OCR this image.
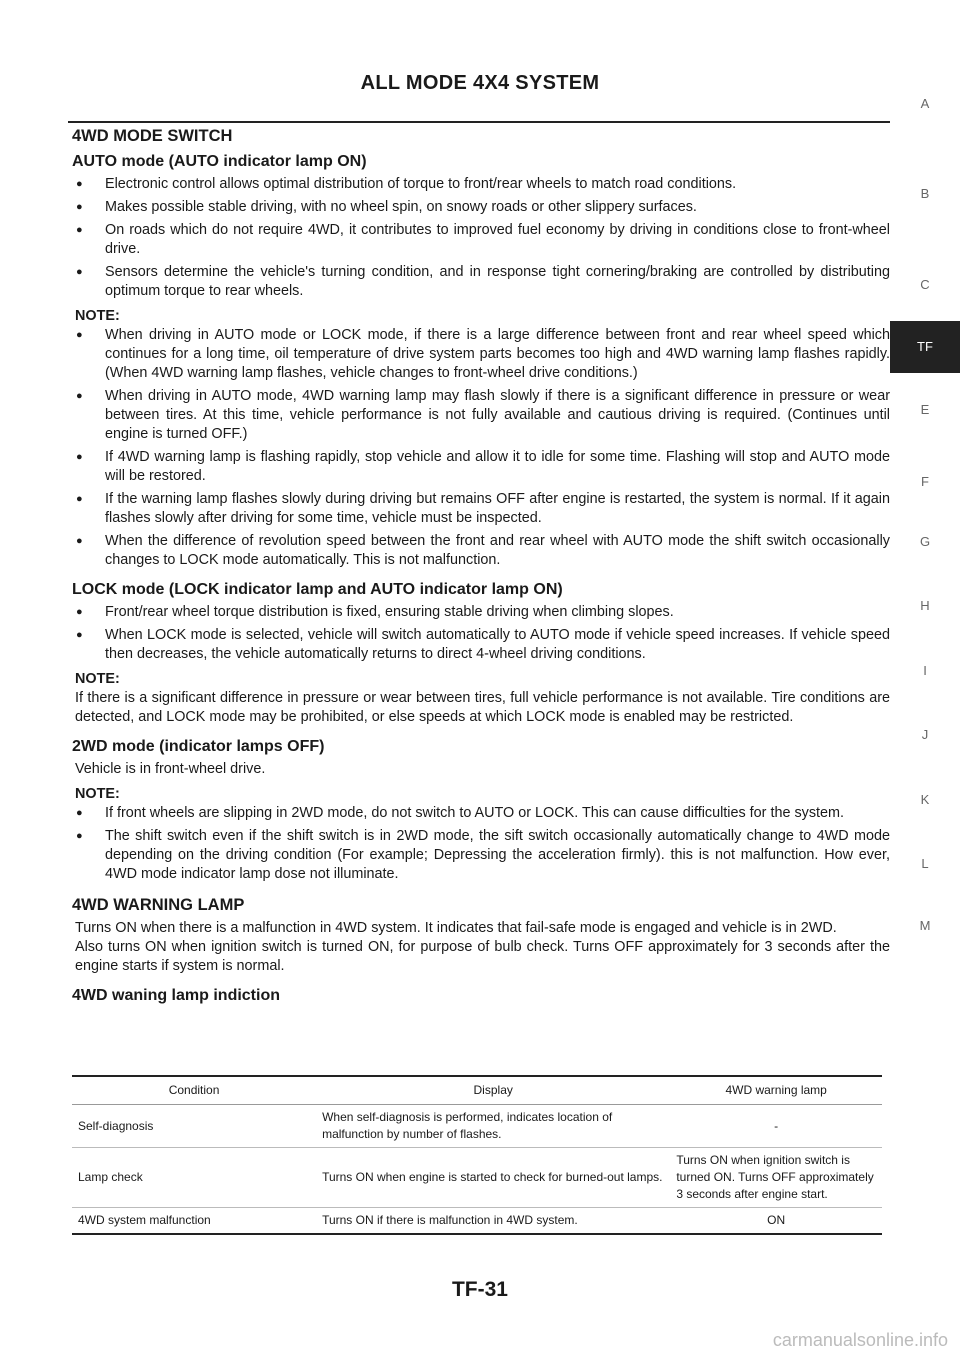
ALL MODE 4X4 SYSTEM
A
B
C
TF
E
F
G
H
I
J
K
L
M
4WD MODE SWITCH
AUTO mode (AUTO indicator lamp ON)
● Electronic control allows optimal distribution of torque to front/rear wheels to match road conditions.
● Makes possible stable driving, with no wheel spin, on snowy roads or other slippery surfaces.
● On roads which do not require 4WD, it contributes to improved fuel economy by driving in conditions close to front-wheel drive.
● Sensors determine the vehicle's turning condition, and in response tight cornering/braking are controlled by distributing optimum torque to rear wheels.
NOTE:
● When driving in AUTO mode or LOCK mode, if there is a large difference between front and rear wheel speed which continues for a long time, oil temperature of drive system parts becomes too high and 4WD warning lamp flashes rapidly. (When 4WD warning lamp flashes, vehicle changes to front-wheel drive conditions.)
● When driving in AUTO mode, 4WD warning lamp may flash slowly if there is a significant difference in pressure or wear between tires. At this time, vehicle performance is not fully available and cautious driving is required. (Continues until engine is turned OFF.)
● If 4WD warning lamp is flashing rapidly, stop vehicle and allow it to idle for some time. Flashing will stop and AUTO mode will be restored.
● If the warning lamp flashes slowly during driving but remains OFF after engine is restarted, the system is normal. If it again flashes slowly after driving for some time, vehicle must be inspected.
● When the difference of revolution speed between the front and rear wheel with AUTO mode the shift switch occasionally changes to LOCK mode automatically. This is not malfunction.
LOCK mode (LOCK indicator lamp and AUTO indicator lamp ON)
● Front/rear wheel torque distribution is fixed, ensuring stable driving when climbing slopes.
● When LOCK mode is selected, vehicle will switch automatically to AUTO mode if vehicle speed increases. If vehicle speed then decreases, the vehicle automatically returns to direct 4-wheel driving conditions.
NOTE:
If there is a significant difference in pressure or wear between tires, full vehicle performance is not available. Tire conditions are detected, and LOCK mode may be prohibited, or else speeds at which LOCK mode is enabled may be restricted.
2WD mode (indicator lamps OFF)
Vehicle is in front-wheel drive.
NOTE:
● If front wheels are slipping in 2WD mode, do not switch to AUTO or LOCK. This can cause difficulties for the system.
● The shift switch even if the shift switch is in 2WD mode, the sift switch occasionally automatically change to 4WD mode depending on the driving condition (For example; Depressing the acceleration firmly). this is not malfunction. How ever, 4WD mode indicator lamp dose not illuminate.
4WD WARNING LAMP
Turns ON when there is a malfunction in 4WD system. It indicates that fail-safe mode is engaged and vehicle is in 2WD.
Also turns ON when ignition switch is turned ON, for purpose of bulb check. Turns OFF approximately for 3 seconds after the engine starts if system is normal.
4WD waning lamp indiction
Condition	Display	4WD warning lamp
Self-diagnosis	When self-diagnosis is performed, indicates location of malfunction by number of flashes.	-
Lamp check	Turns ON when engine is started to check for burned-out lamps.	Turns ON when ignition switch is turned ON. Turns OFF approximately 3 seconds after engine start.
4WD system malfunction	Turns ON if there is malfunction in 4WD system.	ON
TF-31
carmanualsonline.info
